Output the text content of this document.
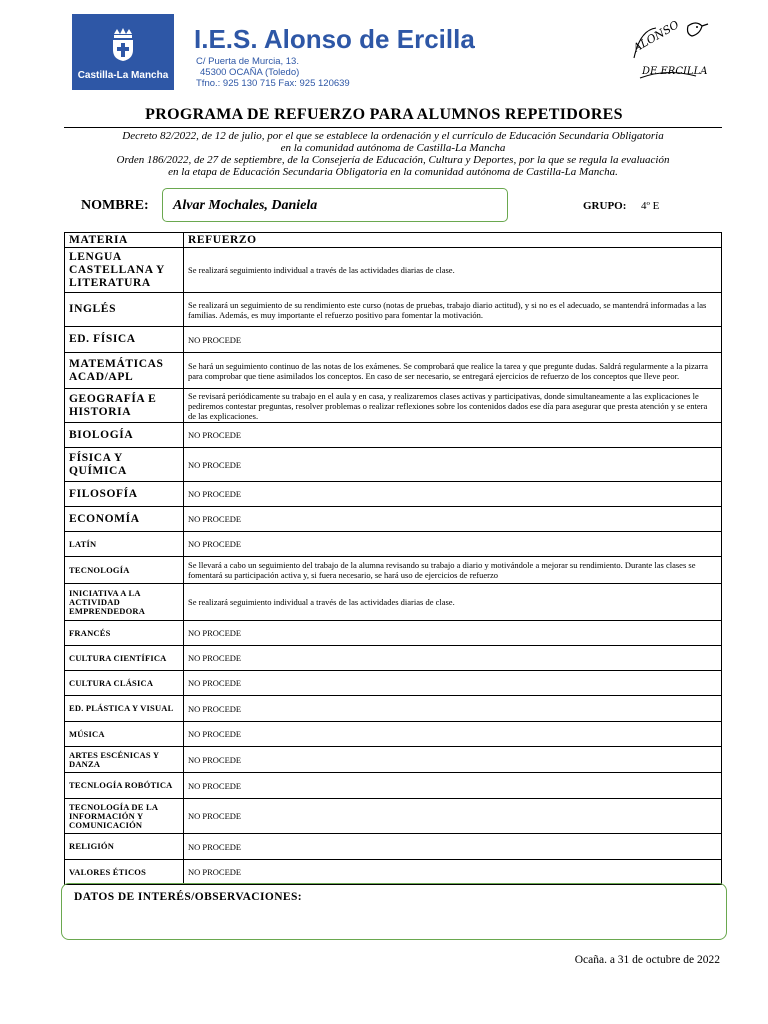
Castilla-La Mancha
I.E.S. Alonso de Ercilla
C/ Puerta de Murcia, 13.
45300 OCAÑA (Toledo)
Tfno.: 925 130 715 Fax: 925 120639
ALONSO
DE ERCILLA
PROGRAMA DE REFUERZO PARA ALUMNOS REPETIDORES
Decreto 82/2022, de 12 de julio, por el que se establece la ordenación y el currículo de Educación Secundaria Obligatoria
en la comunidad autónoma de Castilla-La Mancha
Orden 186/2022, de 27 de septiembre, de la Consejería de Educación, Cultura y Deportes, por la que se regula la evaluación
en la etapa de Educación Secundaria Obligatoria en la comunidad autónoma de Castilla-La Mancha.
NOMBRE: Alvar Mochales, Daniela	GRUPO: 4º E
MATERIA	REFUERZO
LENGUA CASTELLANA Y LITERATURA	Se realizará seguimiento individual a través de las actividades diarias de clase.
INGLÉS	Se realizará un seguimiento de su rendimiento este curso (notas de pruebas, trabajo diario actitud), y si no es el adecuado, se mantendrá informadas a las familias. Además, es muy importante el refuerzo positivo para fomentar la motivación.
ED. FÍSICA	NO PROCEDE
MATEMÁTICAS ACAD/APL	Se hará un seguimiento continuo de las notas de los exámenes. Se comprobará que realice la tarea y que pregunte dudas. Saldrá regularmente a la pizarra para comprobar que tiene asimilados los conceptos. En caso de ser necesario, se entregará ejercicios de refuerzo de los conceptos que lleve peor.
GEOGRAFÍA E HISTORIA	Se revisará periódicamente su trabajo en el aula y en casa, y realizaremos clases activas y participativas, donde simultaneamente a las explicaciones le pediremos contestar preguntas, resolver problemas o realizar reflexiones sobre los contenidos dados ese día para asegurar que presta atención y se entera de las explicaciones.
BIOLOGÍA	NO PROCEDE
FÍSICA Y QUÍMICA	NO PROCEDE
FILOSOFÍA	NO PROCEDE
ECONOMÍA	NO PROCEDE
LATÍN	NO PROCEDE
TECNOLOGÍA	Se llevará a cabo un seguimiento del trabajo de la alumna revisando su trabajo a diario y motivándole a mejorar su rendimiento. Durante las clases se fomentará su participación activa y, si fuera necesario, se hará uso de ejercicios de refuerzo
INICIATIVA A LA ACTIVIDAD EMPRENDEDORA	Se realizará seguimiento individual a través de las actividades diarias de clase.
FRANCÉS	NO PROCEDE
CULTURA CIENTÍFICA	NO PROCEDE
CULTURA CLÁSICA	NO PROCEDE
ED. PLÁSTICA Y VISUAL	NO PROCEDE
MÚSICA	NO PROCEDE
ARTES ESCÉNICAS Y DANZA	NO PROCEDE
TECNLOGÍA ROBÓTICA	NO PROCEDE
TECNOLOGÍA DE LA INFORMACIÓN Y COMUNICACIÓN	NO PROCEDE
RELIGIÓN	NO PROCEDE
VALORES ÉTICOS	NO PROCEDE
DATOS DE INTERÉS/OBSERVACIONES:
Ocaña. a 31 de octubre de 2022
